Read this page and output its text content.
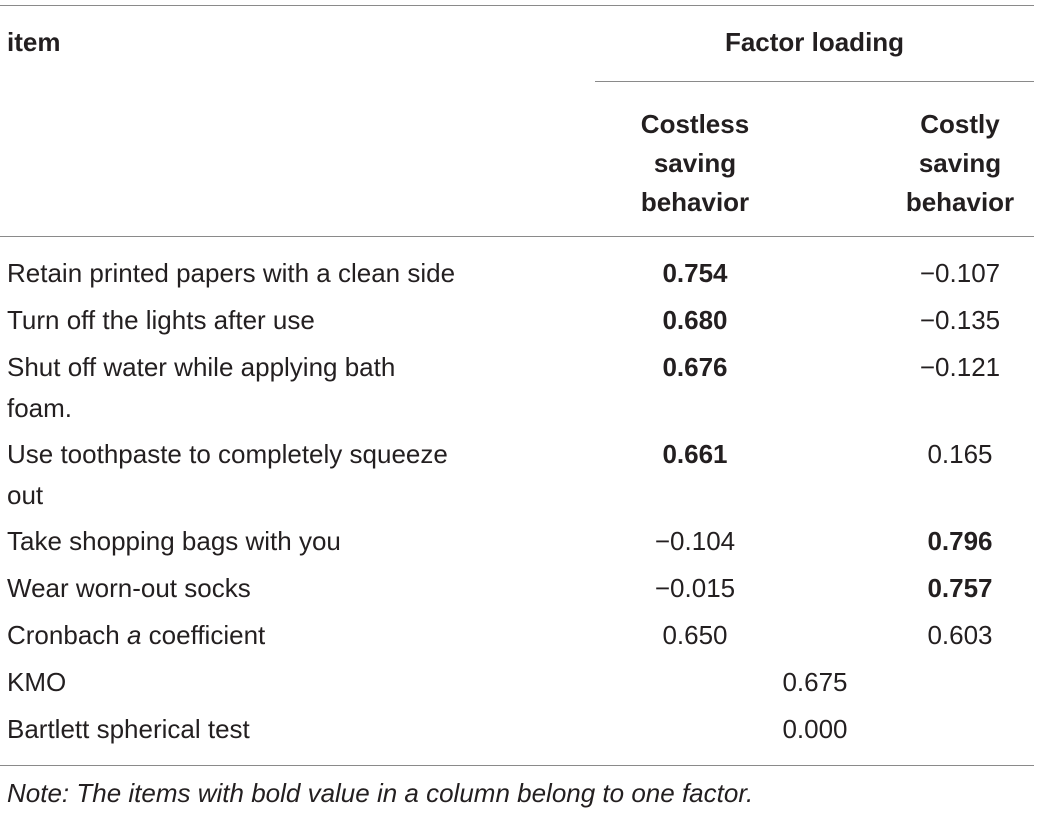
item	Factor loading
Costless
saving
behavior
Costly
saving
behavior
Retain printed papers with a clean side	0.754	−0.107
Turn off the lights after use	0.680	−0.135
Shut off water while applying bath
foam.
0.676	−0.121
Use toothpaste to completely squeeze
out
0.661	0.165
Take shopping bags with you	−0.104	0.796
Wear worn-out socks	−0.015	0.757
Cronbach a coefficient	0.650	0.603
KMO	0.675
Bartlett spherical test	0.000
Note: The items with bold value in a column belong to one factor.
